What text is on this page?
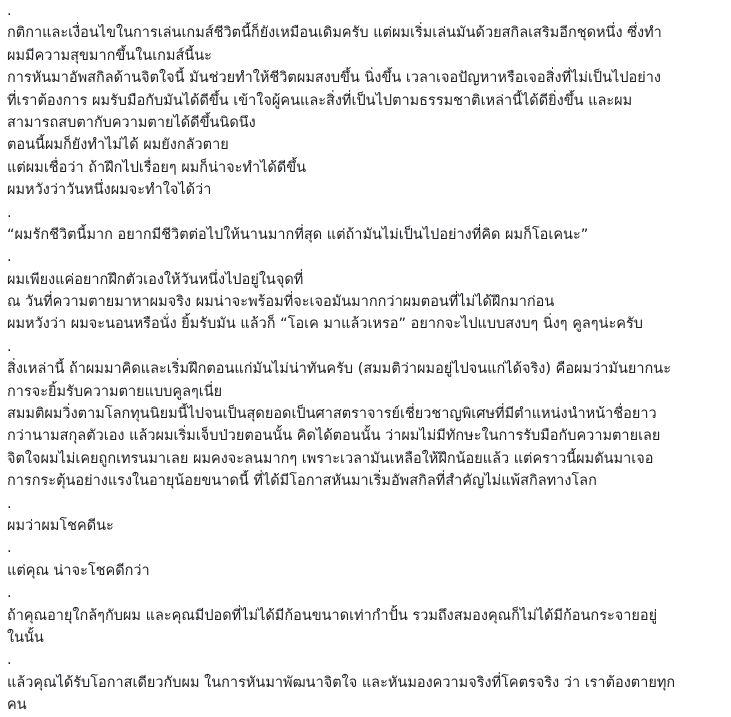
.
กติกาและเงื่อนไขในการเล่นเกมส์ชีวิตนี้ก็ยังเหมือนเดิมครับ แต่ผมเริ่มเล่นมันด้วยสกิลเสริมอีกชุดหนึ่ง ซึ่งทำ
ผมมีความสุขมากขึ้นในเกมส์นี้นะ
การหันมาอัพสกิลด้านจิตใจนี้ มันช่วยทำให้ชีวิตผมสงบขึ้น นิ่งขึ้น เวลาเจอปัญหาหรือเจอสิ่งที่ไม่เป็นไปอย่าง
ที่เราต้องการ ผมรับมือกับมันได้ดีขึ้น เข้าใจผู้คนและสิ่งที่เป็นไปตามธรรมชาติเหล่านี้ได้ดียิ่งขึ้น และผม
สามารถสบตากับความตายได้ดีขึ้นนิดนึง
ตอนนี้ผมก็ยังทำไม่ได้ ผมยังกลัวตาย
แต่ผมเชื่อว่า ถ้าฝึกไปเรื่อยๆ ผมก็น่าจะทำได้ดีขึ้น
ผมหวังว่าวันหนึ่งผมจะทำใจได้ว่า
.
“ผมรักชีวิตนี้มาก อยากมีชีวิตต่อไปให้นานมากที่สุด แต่ถ้ามันไม่เป็นไปอย่างที่คิด ผมก็โอเคนะ”
.
ผมเพียงแค่อยากฝึกตัวเองให้วันหนึ่งไปอยู่ในจุดที่
ณ วันที่ความตายมาหาผมจริง ผมน่าจะพร้อมที่จะเจอมันมากกว่าผมตอนที่ไม่ได้ฝึกมาก่อน
ผมหวังว่า ผมจะนอนหรือนั่ง ยิ้มรับมัน แล้วก็ “โอเค มาแล้วเหรอ” อยากจะไปแบบสงบๆ นิ่งๆ คูลๆน่ะครับ
.
สิ่งเหล่านี้ ถ้าผมมาคิดและเริ่มฝึกตอนแก่มันไม่น่าทันครับ (สมมติว่าผมอยู่ไปจนแก่ได้จริง) คือผมว่ามันยากนะ
การจะยิ้มรับความตายแบบคูลๆเนี่ย
สมมติผมวิ่งตามโลกทุนนิยมนี้ไปจนเป็นสุดยอดเป็นศาสตราจารย์เชี่ยวชาญพิเศษที่มีตำแหน่งนำหน้าชื่อยาว
กว่านามสกุลตัวเอง แล้วผมเริ่มเจ็บป่วยตอนนั้น คิดได้ตอนนั้น ว่าผมไม่มีทักษะในการรับมือกับความตายเลย
จิตใจผมไม่เคยถูกเทรนมาเลย ผมคงจะลนมากๆ เพราะเวลามันเหลือให้ฝึกน้อยแล้ว แต่คราวนี้ผมดันมาเจอ
การกระตุ้นอย่างแรงในอายุน้อยขนาดนี้ ที่ได้มีโอกาสหันมาเริ่มอัพสกิลที่สำคัญไม่แพ้สกิลทางโลก
.
ผมว่าผมโชคดีนะ
.
แต่คุณ น่าจะโชคดีกว่า
.
ถ้าคุณอายุใกล้ๆกับผม และคุณมีปอดที่ไม่ได้มีก้อนขนาดเท่ากำปั้น รวมถึงสมองคุณก็ไม่ได้มีก้อนกระจายอยู่
ในนั้น
.
แล้วคุณได้รับโอกาสเดียวกับผม ในการหันมาพัฒนาจิตใจ และหันมองความจริงที่โคตรจริง ว่า เราต้องตายทุก
คน
